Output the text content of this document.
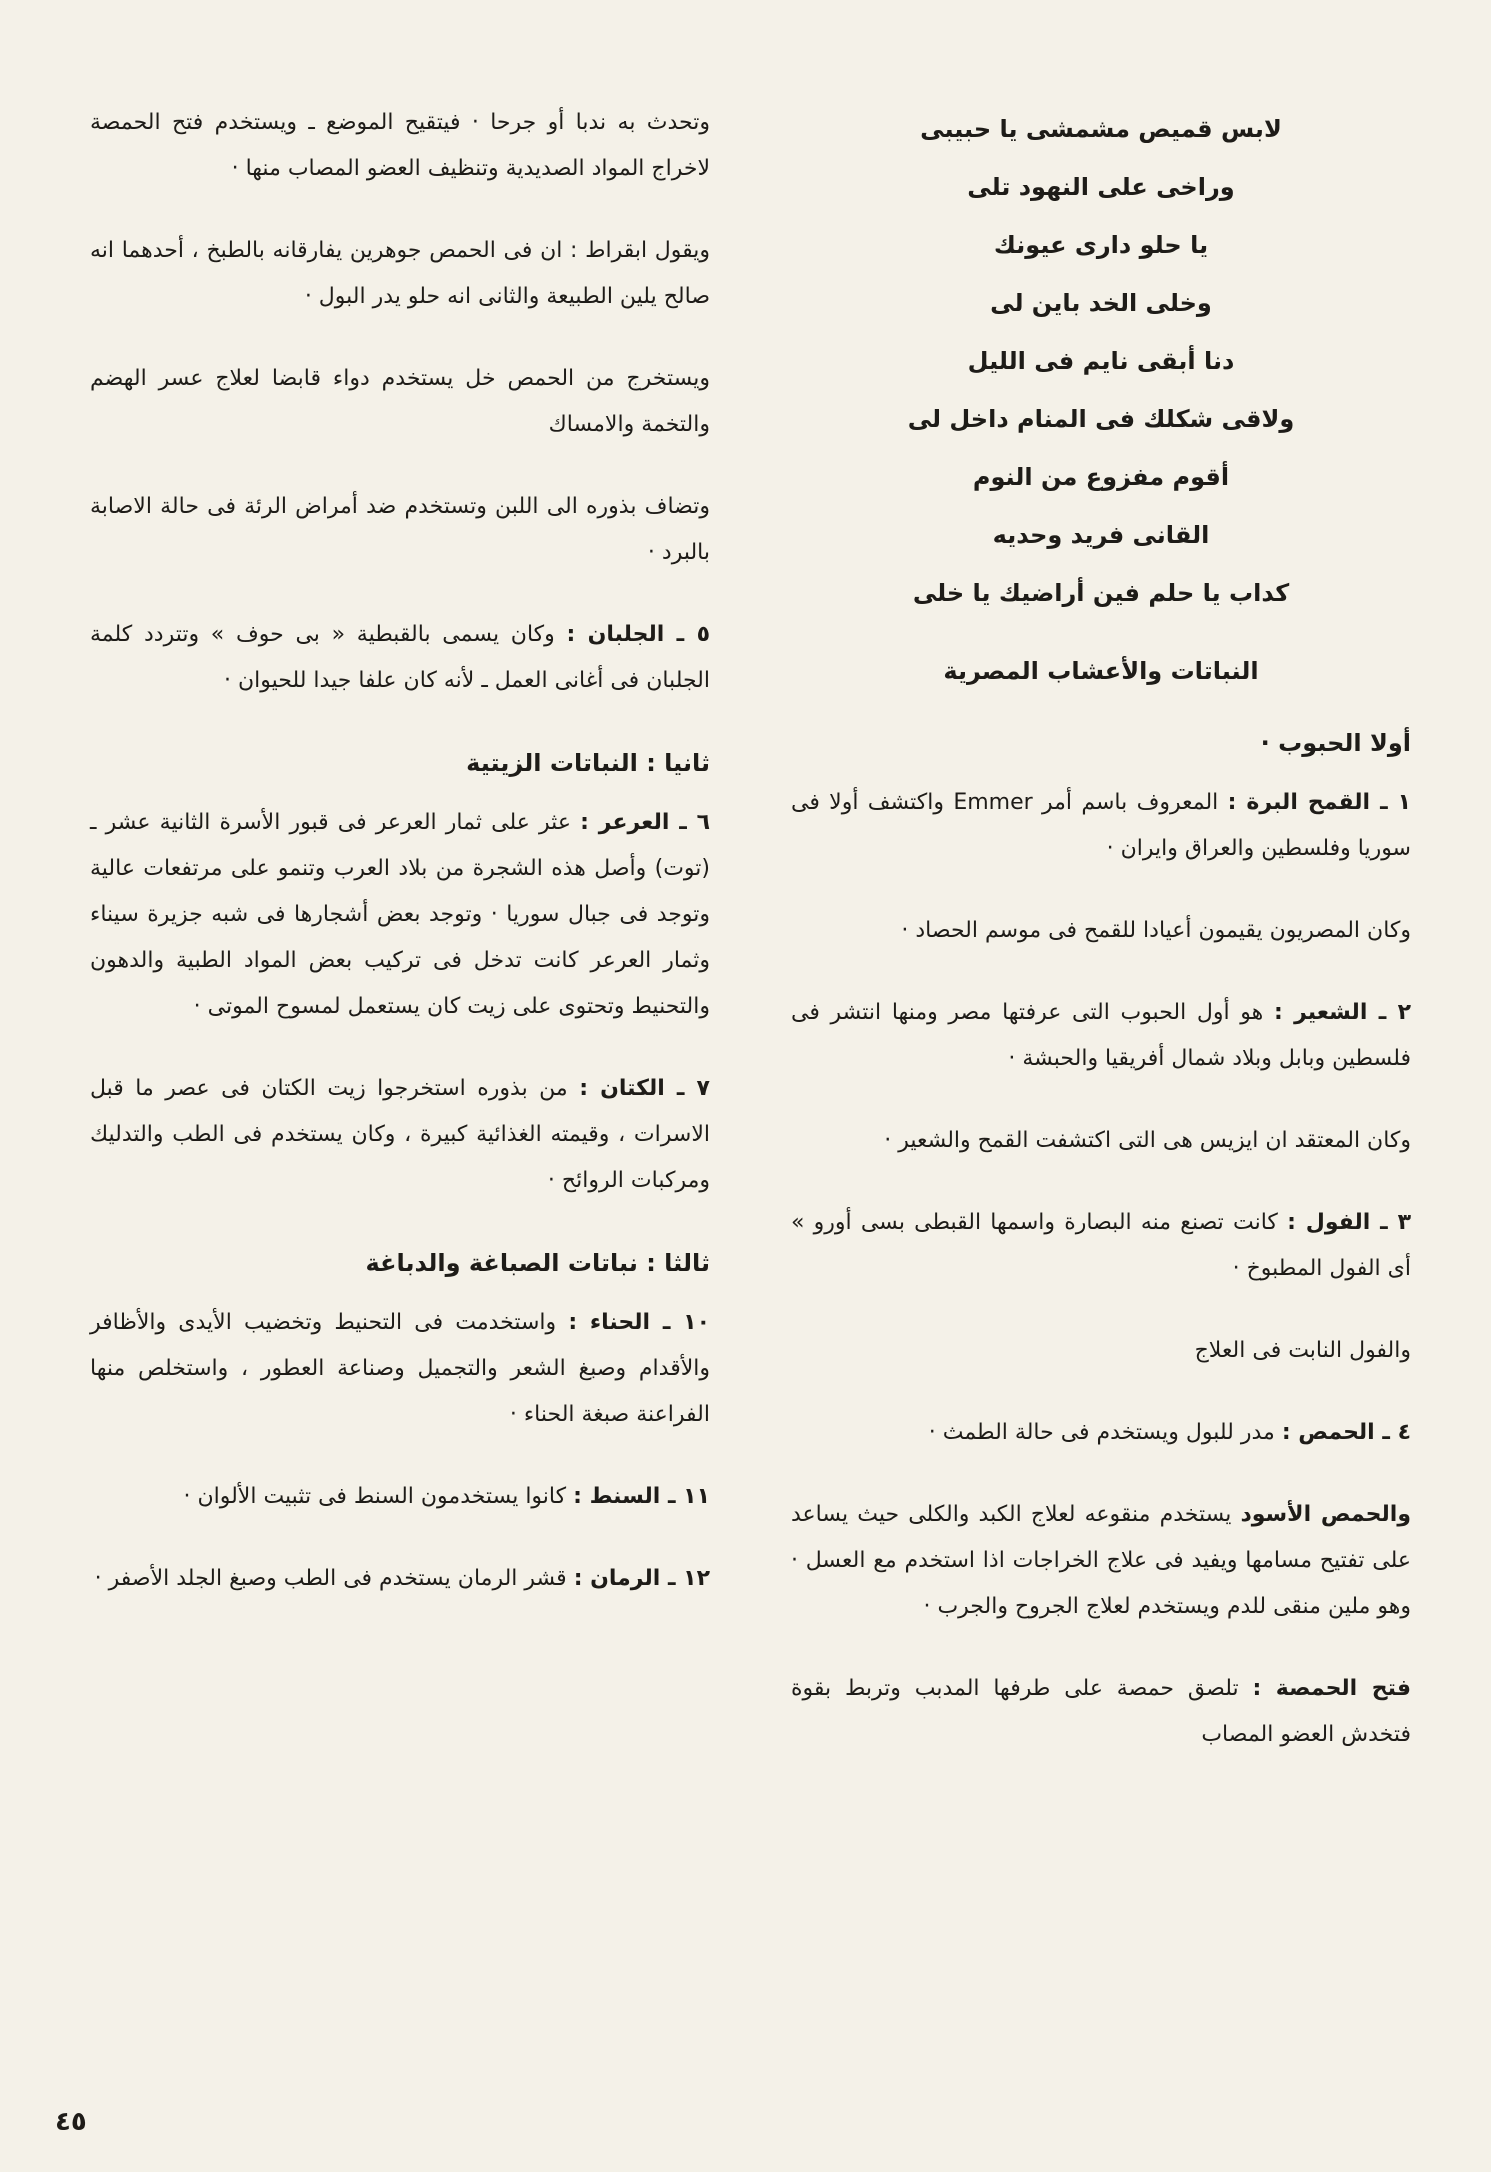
لابس قميص مشمشى يا حبيبى

وراخى على النهود تلى

يا حلو دارى عيونك

وخلى الخد باين لى

دنا أبقى نايم فى الليل

ولاقى شكلك فى المنام داخل لى

أقوم مفزوع من النوم

القانى فريد وحديه

كداب يا حلم فين أراضيك يا خلى

النباتات والأعشاب المصرية
أولا الحبوب ·

١ ـ القمح البرة : المعروف باسم أمر Emmer واكتشف أولا فى سوريا وفلسطين والعراق وايران ·

وكان المصريون يقيمون أعيادا للقمح فى موسم الحصاد ·

٢ ـ الشعير : هو أول الحبوب التى عرفتها مصر ومنها انتشر فى فلسطين وبابل وبلاد شمال أفريقيا والحبشة ·

وكان المعتقد ان ايزيس هى التى اكتشفت القمح والشعير ·

٣ ـ الفول : كانت تصنع منه البصارة واسمها القبطى بسى أورو » أى الفول المطبوخ ·

والفول النابت فى العلاج

٤ ـ الحمص : مدر للبول ويستخدم فى حالة الطمث ·

والحمص الأسود يستخدم منقوعه لعلاج الكبد والكلى حيث يساعد على تفتيح مسامها ويفيد فى علاج الخراجات اذا استخدم مع العسل · وهو ملين منقى للدم ويستخدم لعلاج الجروح والجرب ·

فتح الحمصة : تلصق حمصة على طرفها المدبب وتربط بقوة فتخدش العضو المصاب

وتحدث به ندبا أو جرحا · فيتقيح الموضع ـ ويستخدم فتح الحمصة لاخراج المواد الصديدية وتنظيف العضو المصاب منها ·

ويقول ابقراط : ان فى الحمص جوهرين يفارقانه بالطبخ ، أحدهما انه صالح يلين الطبيعة والثانى انه حلو يدر البول ·

ويستخرج من الحمص خل يستخدم دواء قابضا لعلاج عسر الهضم والتخمة والامساك

وتضاف بذوره الى اللبن وتستخدم ضد أمراض الرئة فى حالة الاصابة بالبرد ·

٥ ـ الجلبان : وكان يسمى بالقبطية « بى حوف » وتتردد كلمة الجلبان فى أغانى العمل ـ لأنه كان علفا جيدا للحيوان ·

ثانيا : النباتات الزيتية

٦ ـ العرعر : عثر على ثمار العرعر فى قبور الأسرة الثانية عشر ـ (توت) وأصل هذه الشجرة من بلاد العرب وتنمو على مرتفعات عالية وتوجد فى جبال سوريا · وتوجد بعض أشجارها فى شبه جزيرة سيناء وثمار العرعر كانت تدخل فى تركيب بعض المواد الطبية والدهون والتحنيط وتحتوى على زيت كان يستعمل لمسوح الموتى ·

٧ ـ الكتان : من بذوره استخرجوا زيت الكتان فى عصر ما قبل الاسرات ، وقيمته الغذائية كبيرة ، وكان يستخدم فى الطب والتدليك ومركبات الروائح ·

ثالثا : نباتات الصباغة والدباغة

١٠ ـ الحناء : واستخدمت فى التحنيط وتخضيب الأيدى والأظافر والأقدام وصبغ الشعر والتجميل وصناعة العطور ، واستخلص منها الفراعنة صبغة الحناء ·

١١ ـ السنط : كانوا يستخدمون السنط فى تثبيت الألوان ·

١٢ ـ الرمان : قشر الرمان يستخدم فى الطب وصبغ الجلد الأصفر ·

٤٥
